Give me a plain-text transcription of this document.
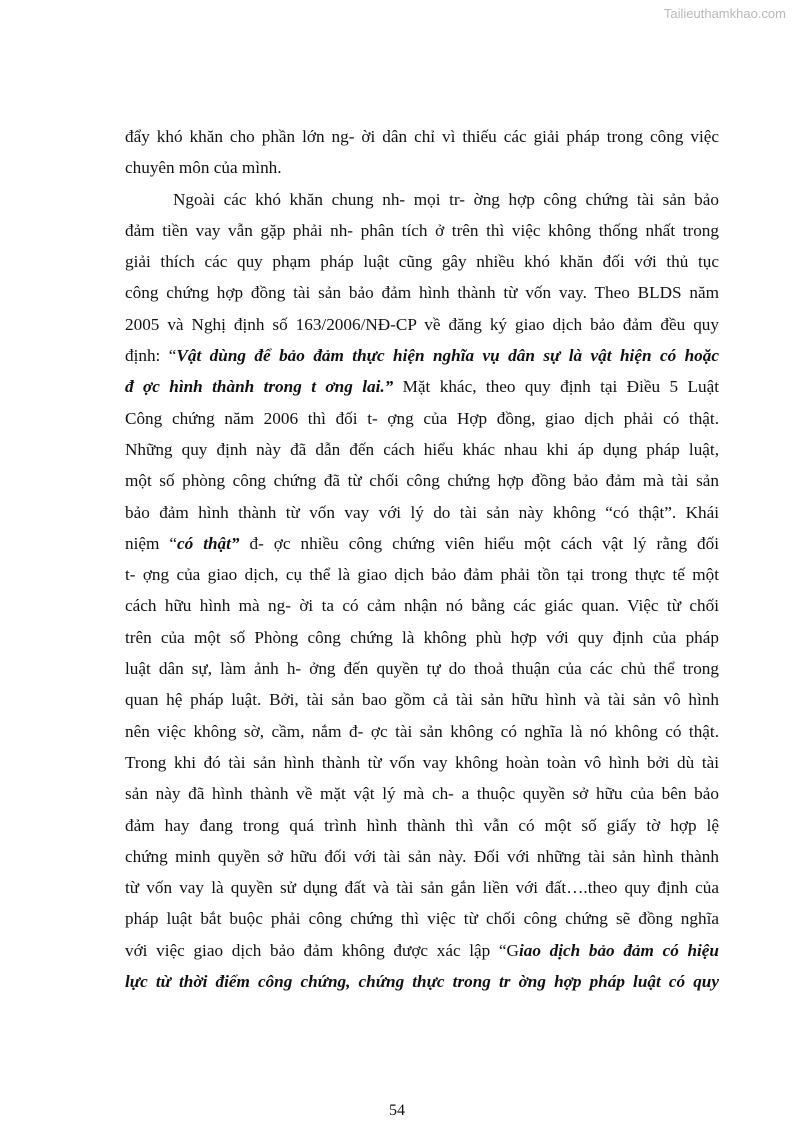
Tailieuthamkhao.com
đẩy khó khăn cho phần lớn ng- ời dân chỉ vì thiếu các giải pháp trong công việc
chuyên môn của mình.
Ngoài các khó khăn chung nh- mọi tr- ờng hợp công chứng tài sản bảo
đảm tiền vay vẫn gặp phải nh- phân tích ở trên thì việc không thống nhất trong
giải thích các quy phạm pháp luật cũng gây nhiều khó khăn đối với thủ tục
công chứng hợp đồng tài sản bảo đảm hình thành từ vốn vay. Theo BLDS năm
2005 và Nghị định số 163/2006/NĐ-CP về đăng ký giao dịch bảo đảm đều quy
định: “Vật dùng để bảo đảm thực hiện nghĩa vụ dân sự là vật hiện có hoặc
đ ợc hình thành trong t ơng lai.” Mặt khác, theo quy định tại Điều 5 Luật
Công chứng năm 2006 thì đối t- ợng của Hợp đồng, giao dịch phải có thật.
Những quy định này đã dẫn đến cách hiểu khác nhau khi áp dụng pháp luật,
một số phòng công chứng đã từ chối công chứng hợp đồng bảo đảm mà tài sản
bảo đảm hình thành từ vốn vay với lý do tài sản này không “có thật”. Khái
niệm “có thật” đ- ợc nhiều công chứng viên hiểu một cách vật lý rằng đối
t- ợng của giao dịch, cụ thể là giao dịch bảo đảm phải tồn tại trong thực tế một
cách hữu hình mà ng- ời ta có cảm nhận nó bằng các giác quan. Việc từ chối
trên của một số Phòng công chứng là không phù hợp với quy định của pháp
luật dân sự, làm ảnh h- ởng đến quyền tự do thoả thuận của các chủ thể trong
quan hệ pháp luật. Bởi, tài sản bao gồm cả tài sản hữu hình và tài sản vô hình
nên việc không sờ, cầm, nắm đ- ợc tài sản không có nghĩa là nó không có thật.
Trong khi đó tài sản hình thành từ vốn vay không hoàn toàn vô hình bởi dù tài
sản này đã hình thành về mặt vật lý mà ch- a thuộc quyền sở hữu của bên bảo
đảm hay đang trong quá trình hình thành thì vẫn có một số giấy tờ hợp lệ
chứng minh quyền sở hữu đối với tài sản này. Đối với những tài sản hình thành
từ vốn vay là quyền sử dụng đất và tài sản gắn liền với đất….theo quy định của
pháp luật bắt buộc phải công chứng thì việc từ chối công chứng sẽ đồng nghĩa
với việc giao dịch bảo đảm không được xác lập “Giao dịch bảo đảm có hiệu
lực từ thời điểm công chứng, chứng thực trong tr ờng hợp pháp luật có quy
54
